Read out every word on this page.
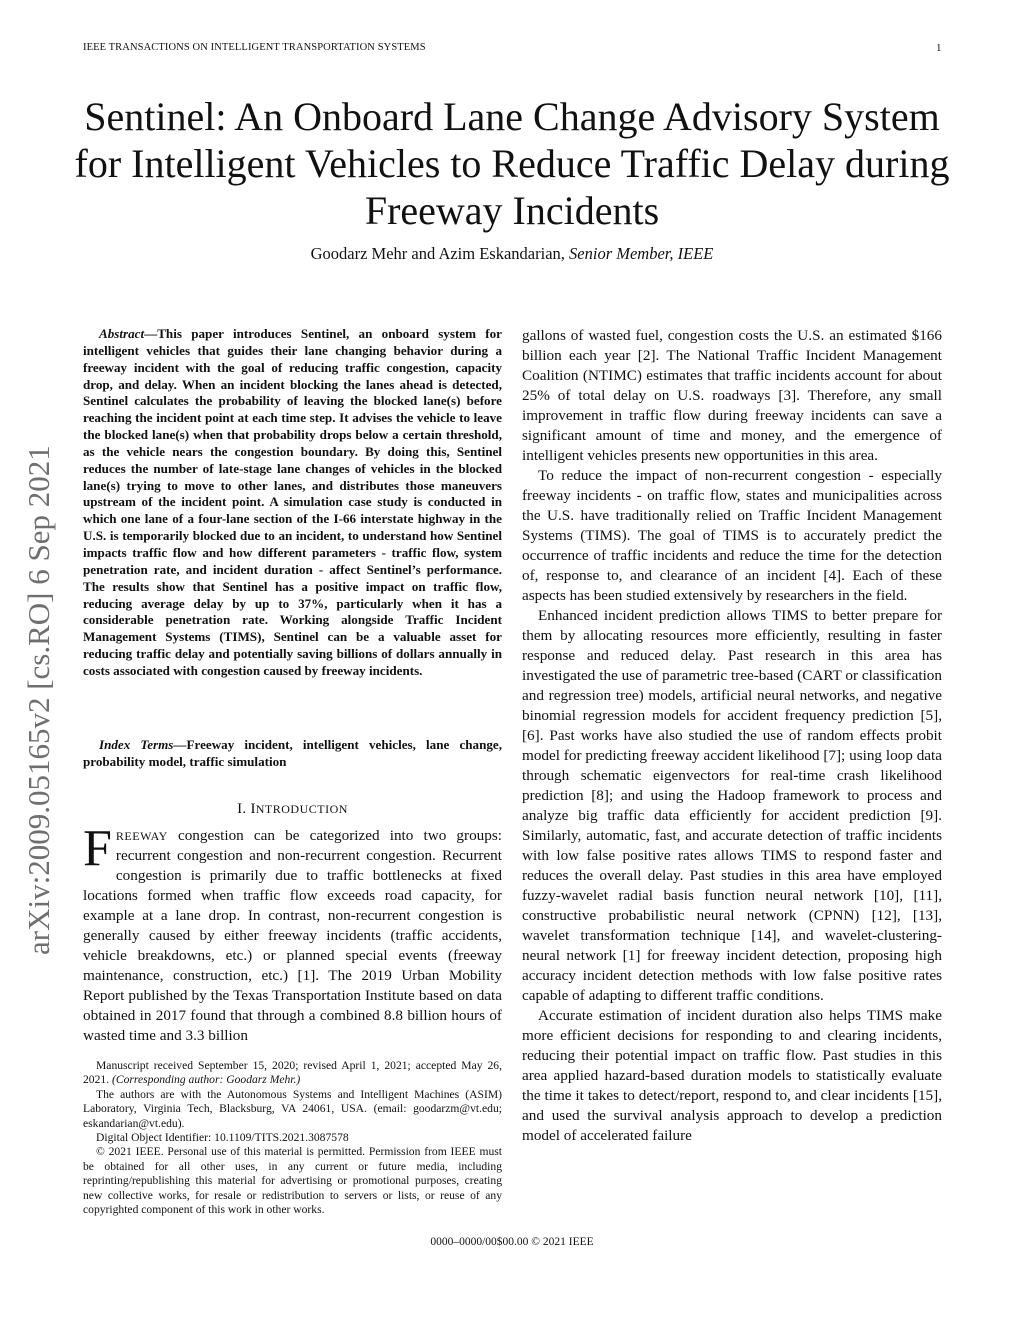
IEEE TRANSACTIONS ON INTELLIGENT TRANSPORTATION SYSTEMS	1
Sentinel: An Onboard Lane Change Advisory System for Intelligent Vehicles to Reduce Traffic Delay during Freeway Incidents
Goodarz Mehr and Azim Eskandarian, Senior Member, IEEE
arXiv:2009.05165v2 [cs.RO] 6 Sep 2021
Abstract—This paper introduces Sentinel, an onboard system for intelligent vehicles that guides their lane changing behavior during a freeway incident with the goal of reducing traffic congestion, capacity drop, and delay. When an incident blocking the lanes ahead is detected, Sentinel calculates the probability of leaving the blocked lane(s) before reaching the incident point at each time step. It advises the vehicle to leave the blocked lane(s) when that probability drops below a certain threshold, as the vehicle nears the congestion boundary. By doing this, Sentinel reduces the number of late-stage lane changes of vehicles in the blocked lane(s) trying to move to other lanes, and distributes those maneuvers upstream of the incident point. A simulation case study is conducted in which one lane of a four-lane section of the I-66 interstate highway in the U.S. is temporarily blocked due to an incident, to understand how Sentinel impacts traffic flow and how different parameters - traffic flow, system penetration rate, and incident duration - affect Sentinel’s performance. The results show that Sentinel has a positive impact on traffic flow, reducing average delay by up to 37%, particularly when it has a considerable penetration rate. Working alongside Traffic Incident Management Systems (TIMS), Sentinel can be a valuable asset for reducing traffic delay and potentially saving billions of dollars annually in costs associated with congestion caused by freeway incidents.
Index Terms—Freeway incident, intelligent vehicles, lane change, probability model, traffic simulation
I. INTRODUCTION
FREEWAY congestion can be categorized into two groups: recurrent congestion and non-recurrent congestion. Recurrent congestion is primarily due to traffic bottlenecks at fixed locations formed when traffic flow exceeds road capacity, for example at a lane drop. In contrast, non-recurrent congestion is generally caused by either freeway incidents (traffic accidents, vehicle breakdowns, etc.) or planned special events (freeway maintenance, construction, etc.) [1]. The 2019 Urban Mobility Report published by the Texas Transportation Institute based on data obtained in 2017 found that through a combined 8.8 billion hours of wasted time and 3.3 billion

Manuscript received September 15, 2020; revised April 1, 2021; accepted May 26, 2021. (Corresponding author: Goodarz Mehr.)

The authors are with the Autonomous Systems and Intelligent Machines (ASIM) Laboratory, Virginia Tech, Blacksburg, VA 24061, USA. (email: goodarzm@vt.edu; eskandarian@vt.edu).

Digital Object Identifier: 10.1109/TITS.2021.3087578

© 2021 IEEE. Personal use of this material is permitted. Permission from IEEE must be obtained for all other uses, in any current or future media, including reprinting/republishing this material for advertising or promotional purposes, creating new collective works, for resale or redistribution to servers or lists, or reuse of any copyrighted component of this work in other works.

gallons of wasted fuel, congestion costs the U.S. an estimated $166 billion each year [2]. The National Traffic Incident Management Coalition (NTIMC) estimates that traffic incidents account for about 25% of total delay on U.S. roadways [3]. Therefore, any small improvement in traffic flow during freeway incidents can save a significant amount of time and money, and the emergence of intelligent vehicles presents new opportunities in this area.

To reduce the impact of non-recurrent congestion - especially freeway incidents - on traffic flow, states and municipalities across the U.S. have traditionally relied on Traffic Incident Management Systems (TIMS). The goal of TIMS is to accurately predict the occurrence of traffic incidents and reduce the time for the detection of, response to, and clearance of an incident [4]. Each of these aspects has been studied extensively by researchers in the field.

Enhanced incident prediction allows TIMS to better prepare for them by allocating resources more efficiently, resulting in faster response and reduced delay. Past research in this area has investigated the use of parametric tree-based (CART or classification and regression tree) models, artificial neural networks, and negative binomial regression models for accident frequency prediction [5], [6]. Past works have also studied the use of random effects probit model for predicting freeway accident likelihood [7]; using loop data through schematic eigenvectors for real-time crash likelihood prediction [8]; and using the Hadoop framework to process and analyze big traffic data efficiently for accident prediction [9]. Similarly, automatic, fast, and accurate detection of traffic incidents with low false positive rates allows TIMS to respond faster and reduces the overall delay. Past studies in this area have employed fuzzy-wavelet radial basis function neural network [10], [11], constructive probabilistic neural network (CPNN) [12], [13], wavelet transformation technique [14], and wavelet-clustering-neural network [1] for freeway incident detection, proposing high accuracy incident detection methods with low false positive rates capable of adapting to different traffic conditions.

Accurate estimation of incident duration also helps TIMS make more efficient decisions for responding to and clearing incidents, reducing their potential impact on traffic flow. Past studies in this area applied hazard-based duration models to statistically evaluate the time it takes to detect/report, respond to, and clear incidents [15], and used the survival analysis approach to develop a prediction model of accelerated failure

0000–0000/00$00.00 © 2021 IEEE
